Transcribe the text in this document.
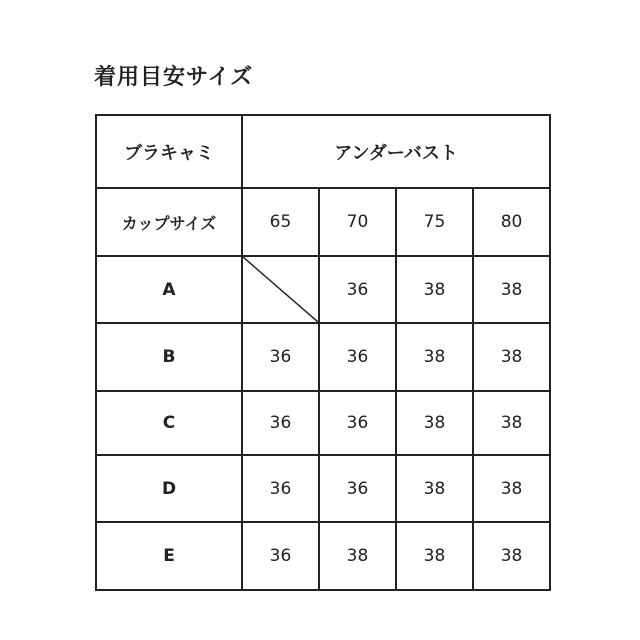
着用目安サイズ
ブラキャミ	アンダーバスト			
カップサイズ	65	70	75	80
A		36	38	38
B	36	36	38	38
C	36	36	38	38
D	36	36	38	38
E	36	38	38	38
